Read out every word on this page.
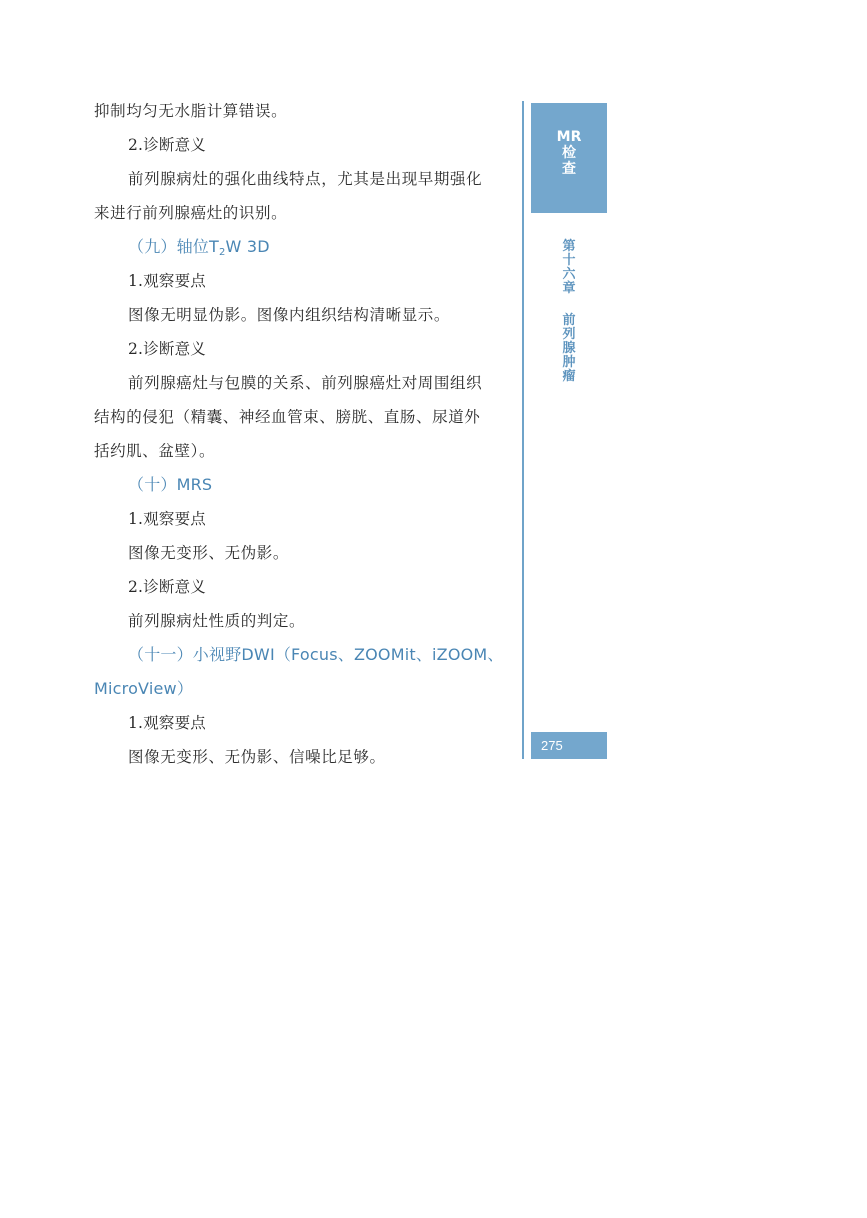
抑制均匀无水脂计算错误。
2.诊断意义
前列腺病灶的强化曲线特点，尤其是出现早期强化
来进行前列腺癌灶的识别。
（九）轴位$T_2W$ 3D
1.观察要点
图像无明显伪影。图像内组织结构清晰显示。
2.诊断意义
前列腺癌灶与包膜的关系、前列腺癌灶对周围组织
结构的侵犯（精囊、神经血管束、膀胱、直肠、尿道外
括约肌、盆壁）。
（十）MRS
1.观察要点
图像无变形、无伪影。
2.诊断意义
前列腺病灶性质的判定。
（十一）小视野DWI（Focus、ZOOMit、iZOOM、
MicroView）
1.观察要点
图像无变形、无伪影、信噪比足够。
MR
检
查
第
十
六
章
前
列
腺
肿
瘤
275
